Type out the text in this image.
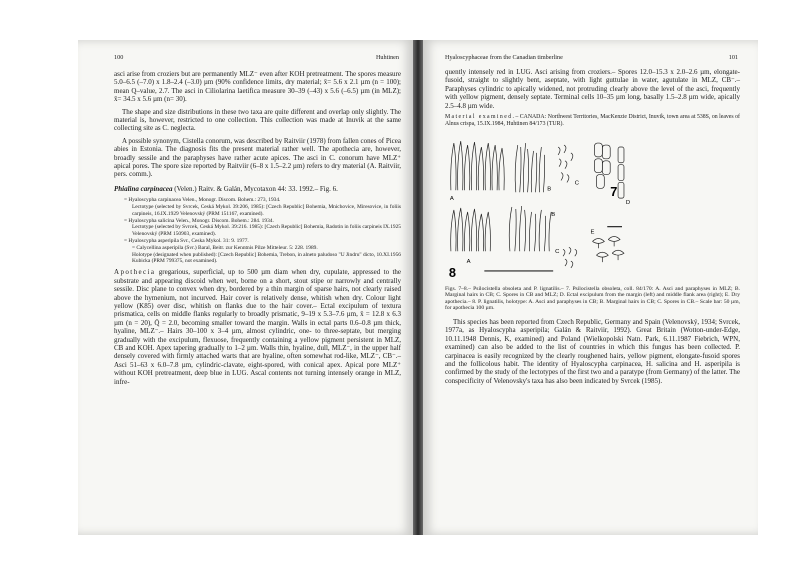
100	Huhtinen

asci arise from croziers but are permanently MLZ⁻ even after KOH pretreatment. The spores measure 5.0–6.5 (–7.0) x 1.8–2.4 (–3.0) µm (90% confidence limits, dry material; x̄= 5.6 x 2.1 µm (n = 100); mean Q–value, 2.7. The asci in Ciliolarina laetifica measure 30–39 (–43) x 5.6 (–6.5) µm (in MLZ); x̄= 34.5 x 5.6 µm (n= 30).

The shape and size distributions in these two taxa are quite different and overlap only slightly. The material is, however, restricted to one collection. This collection was made at Inuvik at the same collecting site as C. neglecta.

A possible synonym, Cistella conorum, was described by Raitviir (1978) from fallen cones of Picea abies in Estonia. The diagnosis fits the present material rather well. The apothecia are, however, broadly sessile and the paraphyses have rather acute apices. The asci in C. conorum have MLZ⁺ apical pores. The spore size reported by Raitviir (6–8 x 1.5–2.2 µm) refers to dry material (A. Raitviir, pers. comm.).

Phialina carpinacea (Velen.) Raitv. & Galán, Mycotaxon 44: 33. 1992.– Fig. 6.

= Hyaloscypha carpinacea Velen., Monogr. Discom. Bohem.: 273, 1934.
Lectotype (selected by Svrcek, Ceská Mykol. 39:206, 1985): [Czech Republic] Bohemia, Mnichovice, Miresovice, in foliis carpineis, 16.IX.1929 Velenovský (PRM 151167, examined).
= Hyaloscypha salicina Velen., Monogr. Discom. Bohem.: 284. 1934.
Lectotype (selected by Svrcek, Ceská Mykol. 39:216. 1985): [Czech Republic] Bohemia, Radotin in foliis carpineis IX.1925 Velenovský (PRM 150903, examined).
= Hyaloscypha asperipila Svr., Ceska Mykol. 31: 9. 1977.
= Calycellina asperipila (Svr.) Baral, Beitr. zur Kenntnis Pilze Mitteleur. 5: 228. 1989.
Holotype (designated when published): [Czech Republic] Bohemia, Trebon, in alneto paludoso "U Jindru" dicto, 10.XI.1956 Kubicka (PRM 799375, not examined).

Apothecia gregarious, superficial, up to 500 µm diam when dry, cupulate, appressed to the substrate and appearing discoid when wet, borne on a short, stout stipe or narrowly and centrally sessile. Disc plane to convex when dry, bordered by a thin margin of sparse hairs, not clearly raised above the hymenium, not incurved. Hair cover is relatively dense, whitish when dry. Colour light yellow (K85) over disc, whitish on flanks due to the hair cover.– Ectal excipulum of textura prismatica, cells on middle flanks regularly to broadly prismatic, 9–19 x 5.3–7.6 µm, x̄ = 12.8 x 6.3 µm (n = 20), Q̄ = 2.0, becoming smaller toward the margin. Walls in ectal parts 0.6–0.8 µm thick, hyaline, MLZ⁻.– Hairs 30–100 x 3–4 µm, almost cylindric, one- to three-septate, but merging gradually with the excipulum, flexuose, frequently containing a yellow pigment persistent in MLZ, CB and KOH. Apex tapering gradually to 1–2 µm. Walls thin, hyaline, dull, MLZ⁻, in the upper half densely covered with firmly attached warts that are hyaline, often somewhat rod-like, MLZ⁻, CB⁻.– Asci 51–63 x 6.0–7.8 µm, cylindric-clavate, eight-spored, with conical apex. Apical pore MLZ⁺ without KOH pretreatment, deep blue in LUG. Ascal contents not turning intensely orange in MLZ, infre-

Hyaloscyphaceae from the Canadian timberline	101

quently intensely red in LUG. Asci arising from croziers.– Spores 12.0–15.3 x 2.0–2.6 µm, elongate-fusoid, straight to slightly bent, aseptate, with light guttulae in water, agutulate in MLZ, CB⁻.– Paraphyses cylindric to apically widened, not protruding clearly above the level of the asci, frequently with yellow pigment, densely septate. Terminal cells 10–35 µm long, basally 1.5–2.8 µm wide, apically 2.5–4.8 µm wide.

Material examined.– CANADA: Northwest Territories, MacKenzie District, Inuvik, town area at 538S, on leaves of Alnus crispa, 15.IX.1984, Huhtinen 84/173 (TUR).

A
B
C
D
7
A
B
C
E
8

Figs. 7–8.– Psilocistella obsoleta and P. lignatilis.– 7. Psilocistella obsoleta, coll. 84/170: A. Asci and paraphyses in MLZ; B. Marginal hairs in CB; C. Spores in CB and MLZ; D. Ectal excipulum from the margin (left) and middle flank area (right); E. Dry apothecia.– 8. P. lignatilis, holotype: A. Asci and paraphyses in CB; B. Marginal hairs in CB; C. Spores in CB.– Scale bar: 50 µm, for apothecia 100 µm.

This species has been reported from Czech Republic, Germany and Spain (Velenovský, 1934; Svrcek, 1977a, as Hyaloscypha asperipila; Galán & Raitviir, 1992). Great Britain (Wotton-under-Edge, 10.11.1948 Dennis, K, examined) and Poland (Wielkopolski Natn. Park, 6.11.1987 Fiebrich, WPN, examined) can also be added to the list of countries in which this fungus has been collected. P. carpinacea is easily recognized by the clearly roughened hairs, yellow pigment, elongate-fusoid spores and the follicolous habit. The identity of Hyaloscypha carpinacea, H. salicina and H. asperipila is confirmed by the study of the lectotypes of the first two and a paratype (from Germany) of the latter. The conspecificity of Velenovsky's taxa has also been indicated by Svrcek (1985).
